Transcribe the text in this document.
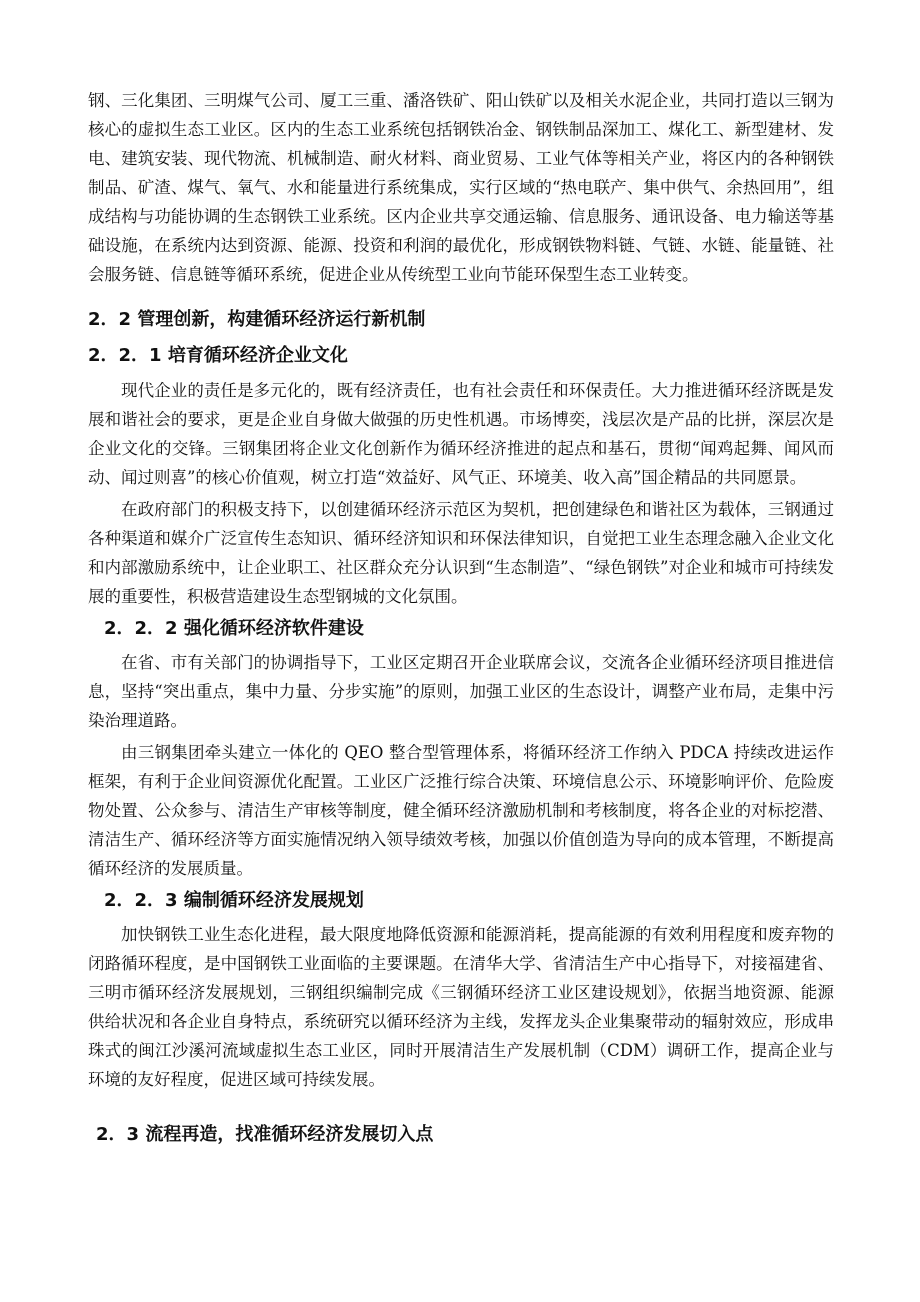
钢、三化集团、三明煤气公司、厦工三重、潘洛铁矿、阳山铁矿以及相关水泥企业，共同打造以三钢为核心的虚拟生态工业区。区内的生态工业系统包括钢铁冶金、钢铁制品深加工、煤化工、新型建材、发电、建筑安装、现代物流、机械制造、耐火材料、商业贸易、工业气体等相关产业，将区内的各种钢铁制品、矿渣、煤气、氧气、水和能量进行系统集成，实行区域的“热电联产、集中供气、余热回用”，组成结构与功能协调的生态钢铁工业系统。区内企业共享交通运输、信息服务、通讯设备、电力输送等基础设施，在系统内达到资源、能源、投资和利润的最优化，形成钢铁物料链、气链、水链、能量链、社会服务链、信息链等循环系统，促进企业从传统型工业向节能环保型生态工业转变。

2．2 管理创新，构建循环经济运行新机制
2．2．1 培育循环经济企业文化

现代企业的责任是多元化的，既有经济责任，也有社会责任和环保责任。大力推进循环经济既是发展和谐社会的要求，更是企业自身做大做强的历史性机遇。市场博奕，浅层次是产品的比拼，深层次是企业文化的交锋。三钢集团将企业文化创新作为循环经济推进的起点和基石，贯彻“闻鸡起舞、闻风而动、闻过则喜”的核心价值观，树立打造“效益好、风气正、环境美、收入高”国企精品的共同愿景。

在政府部门的积极支持下，以创建循环经济示范区为契机，把创建绿色和谐社区为载体，三钢通过各种渠道和媒介广泛宣传生态知识、循环经济知识和环保法律知识，自觉把工业生态理念融入企业文化和内部激励系统中，让企业职工、社区群众充分认识到“生态制造”、“绿色钢铁”对企业和城市可持续发展的重要性，积极营造建设生态型钢城的文化氛围。

2．2．2 强化循环经济软件建设

在省、市有关部门的协调指导下，工业区定期召开企业联席会议，交流各企业循环经济项目推进信息，坚持“突出重点，集中力量、分步实施”的原则，加强工业区的生态设计，调整产业布局，走集中污染治理道路。

由三钢集团牵头建立一体化的 QEO 整合型管理体系，将循环经济工作纳入 PDCA 持续改进运作框架，有利于企业间资源优化配置。工业区广泛推行综合决策、环境信息公示、环境影响评价、危险废物处置、公众参与、清洁生产审核等制度，健全循环经济激励机制和考核制度，将各企业的对标挖潜、清洁生产、循环经济等方面实施情况纳入领导绩效考核，加强以价值创造为导向的成本管理，不断提高循环经济的发展质量。

2．2．3 编制循环经济发展规划

加快钢铁工业生态化进程，最大限度地降低资源和能源消耗，提高能源的有效利用程度和废弃物的闭路循环程度，是中国钢铁工业面临的主要课题。在清华大学、省清洁生产中心指导下，对接福建省、三明市循环经济发展规划，三钢组织编制完成《三钢循环经济工业区建设规划》，依据当地资源、能源供给状况和各企业自身特点，系统研究以循环经济为主线，发挥龙头企业集聚带动的辐射效应，形成串珠式的闽江沙溪河流域虚拟生态工业区，同时开展清洁生产发展机制（CDM）调研工作，提高企业与环境的友好程度，促进区域可持续发展。

2．3 流程再造，找准循环经济发展切入点
